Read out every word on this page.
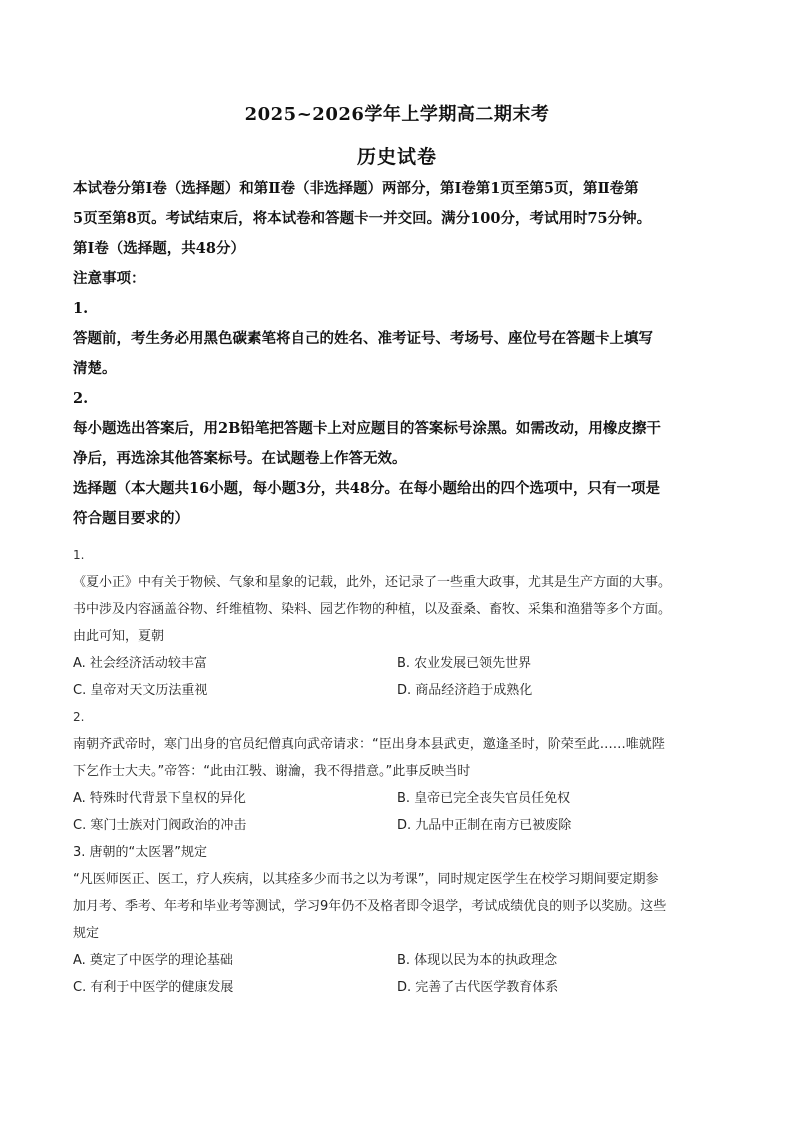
2025~2026学年上学期高二期末考
历史试卷

本试卷分第Ⅰ卷（选择题）和第Ⅱ卷（非选择题）两部分，第Ⅰ卷第1页至第5页，第Ⅱ卷第

5页至第8页。考试结束后，将本试卷和答题卡一并交回。满分100分，考试用时75分钟。

第Ⅰ卷（选择题，共48分）

注意事项：

1.

答题前，考生务必用黑色碳素笔将自己的姓名、准考证号、考场号、座位号在答题卡上填写

清楚。

2.

每小题选出答案后，用2B铅笔把答题卡上对应题目的答案标号涂黑。如需改动，用橡皮擦干

净后，再选涂其他答案标号。在试题卷上作答无效。

选择题（本大题共16小题，每小题3分，共48分。在每小题给出的四个选项中，只有一项是

符合题目要求的）

1.

《夏小正》中有关于物候、气象和星象的记载，此外，还记录了一些重大政事，尤其是生产方面的大事。

书中涉及内容涵盖谷物、纤维植物、染料、园艺作物的种植，以及蚕桑、畜牧、采集和渔猎等多个方面。

由此可知，夏朝

A. 社会经济活动较丰富	B. 农业发展已领先世界
C. 皇帝对天文历法重视	D. 商品经济趋于成熟化

2.

南朝齐武帝时，寒门出身的官员纪僧真向武帝请求：“臣出身本县武吏，邀逢圣时，阶荣至此……唯就陛

下乞作士大夫。”帝答：“此由江斅、谢瀹，我不得措意。”此事反映当时

A. 特殊时代背景下皇权的异化	B. 皇帝已完全丧失官员任免权
C. 寒门士族对门阀政治的冲击	D. 九品中正制在南方已被废除

3. 唐朝的“太医署”规定

“凡医师医正、医工，疗人疾病，以其痊多少而书之以为考课”，同时规定医学生在校学习期间要定期参

加月考、季考、年考和毕业考等测试，学习9年仍不及格者即令退学，考试成绩优良的则予以奖励。这些

规定

A. 奠定了中医学的理论基础	B. 体现以民为本的执政理念
C. 有利于中医学的健康发展	D. 完善了古代医学教育体系
